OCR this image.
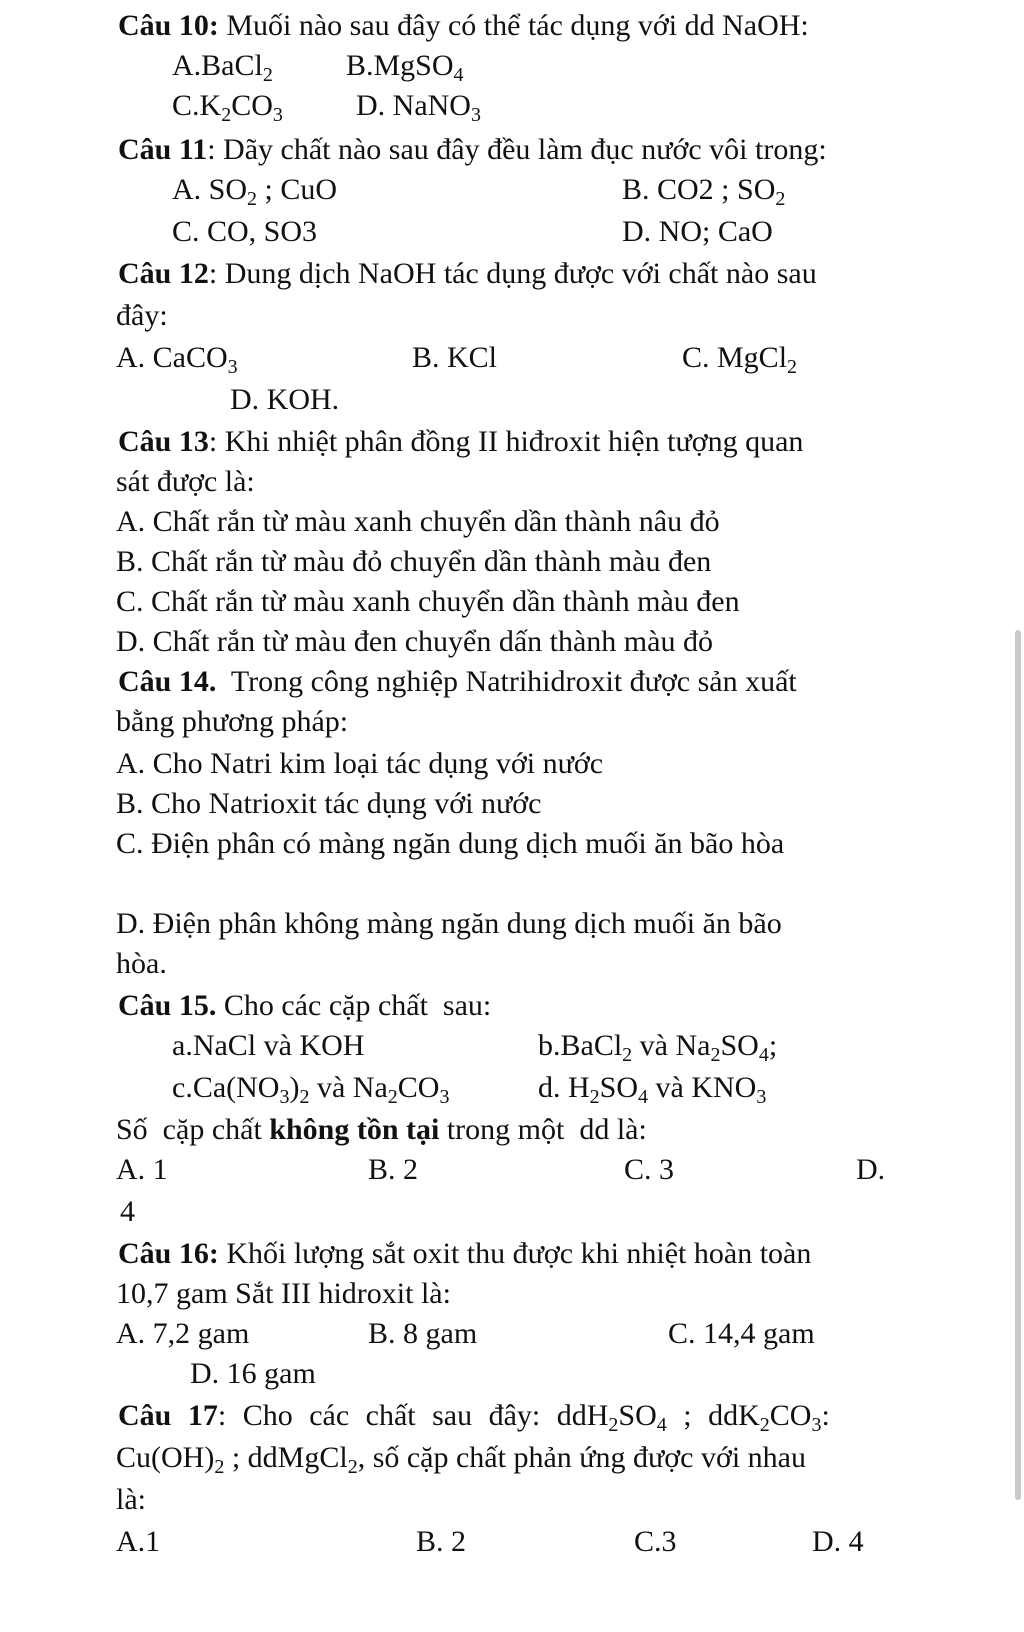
Câu 10: Muối nào sau đây có thể tác dụng với dd NaOH:
A.BaCl$_2$ B.MgSO$_4$
$C.K_2CO_3$ D. NaNO$_3$
Câu 11: Dãy chất nào sau đây đều làm đục nước vôi trong:
A. $SO_2$ ; CuO	B. CO2 ; $SO_2$
C. CO, SO3	D. NO; CaO
Câu 12: Dung dịch NaOH tác dụng được với chất nào sau
đây:
A. CaCO$_3$	B. KCl	C. MgCl$_2$
D. KOH.
Câu 13: Khi nhiệt phân đồng II hiđroxit hiện tượng quan
sát được là:
A. Chất rắn từ màu xanh chuyển dần thành nâu đỏ
B. Chất rắn từ màu đỏ chuyển dần thành màu đen
C. Chất rắn từ màu xanh chuyển dần thành màu đen
D. Chất rắn từ màu đen chuyển dấn thành màu đỏ
Câu 14.  Trong công nghiệp Natrihidroxit được sản xuất
bằng phương pháp:
A. Cho Natri kim loại tác dụng với nước
B. Cho Natrioxit tác dụng với nước
C. Điện phân có màng ngăn dung dịch muối ăn bão hòa
D. Điện phân không màng ngăn dung dịch muối ăn bão
hòa.
Câu 15. Cho các cặp chất  sau:
a.NaCl và KOH	b.BaCl$_2$ và $Na_2SO_4$;
$c.Ca(NO_3)_2$ và $Na_2CO_3$	d. $H_2SO_4$ và $KNO_3$
Số  cặp chất không tồn tại trong một  dd là:
A. 1	B. 2	C. 3	D.
4
Câu 16: Khối lượng sắt oxit thu được khi nhiệt hoàn toàn
10,7 gam Sắt III hidroxit là:
A. 7,2 gam	B. 8 gam	C. 14,4 gam
D. 16 gam
Câu 17: Cho các chất sau đây: $ddH_2SO_4$ ; $ddK_2CO_3$:
$Cu(OH)_2$ ; ddMgCl$_2$, số cặp chất phản ứng được với nhau
là:
A.1	B. 2	C.3	D. 4
